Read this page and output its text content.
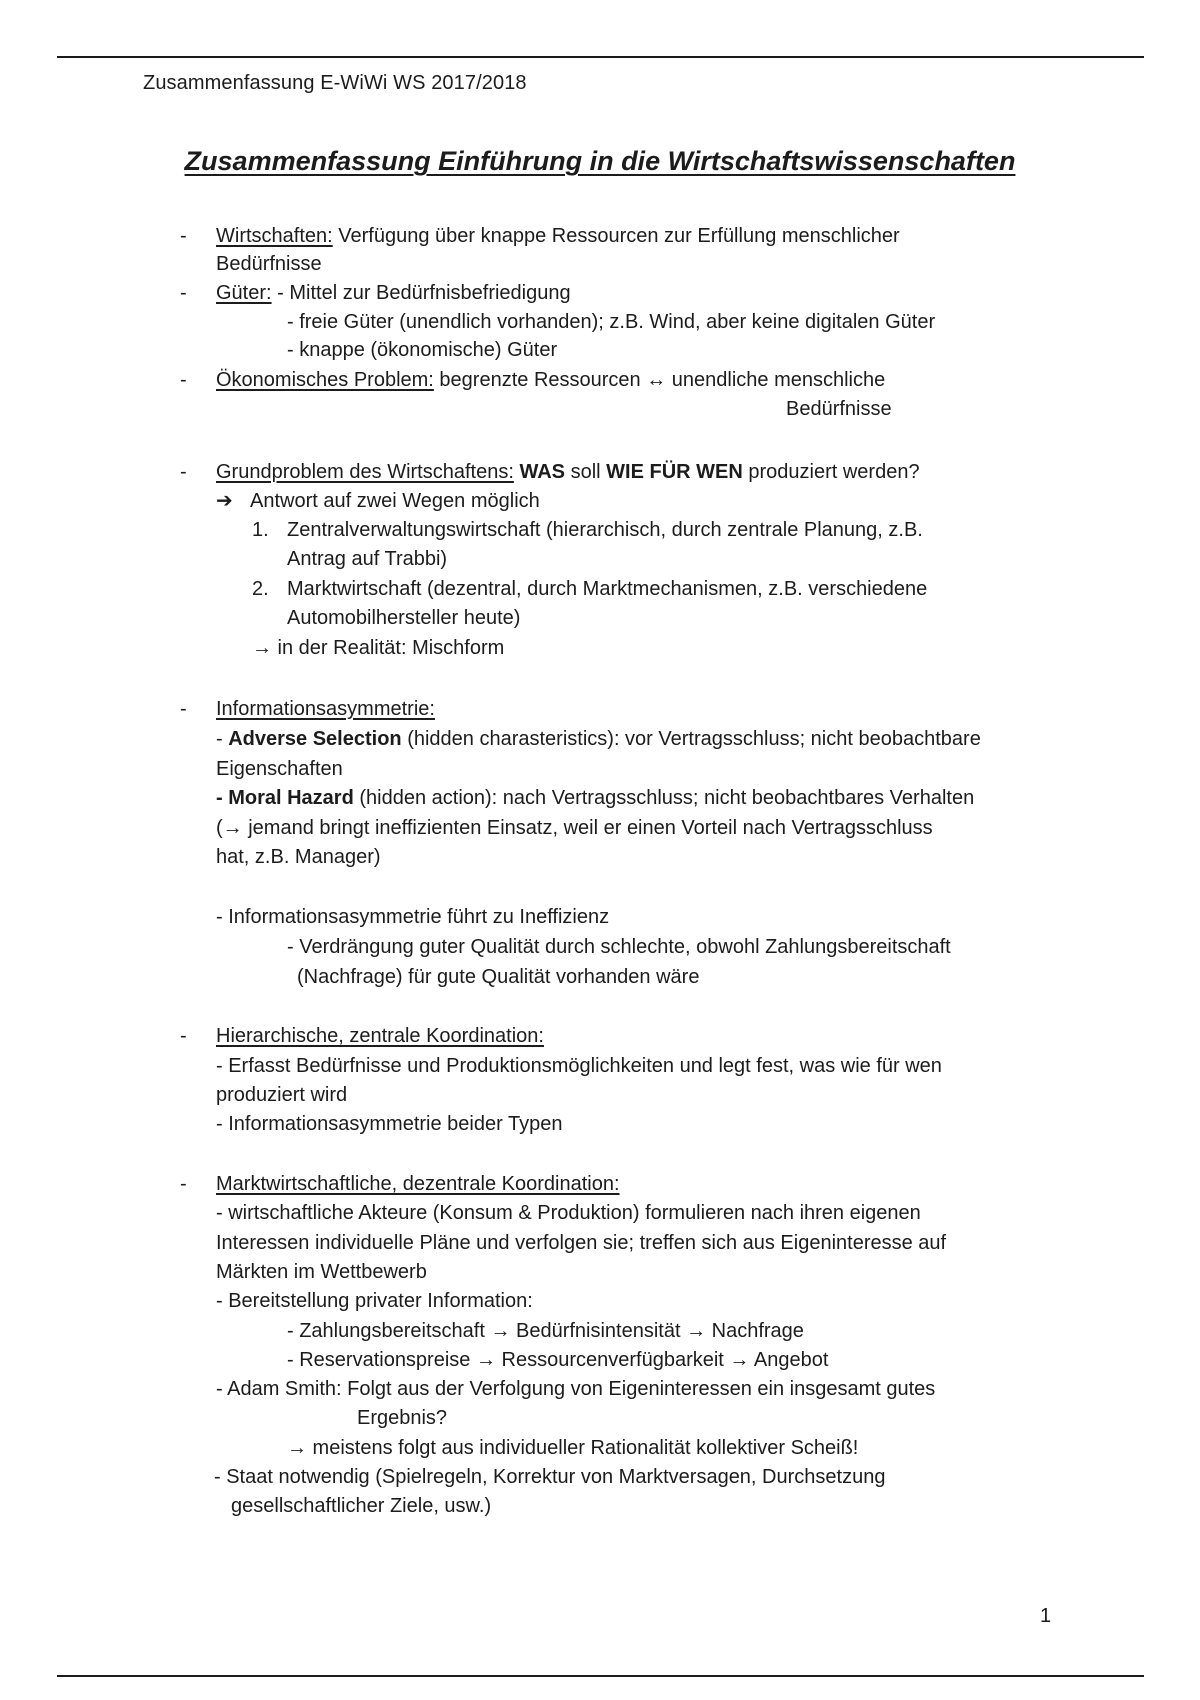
Zusammenfassung E-WiWi WS 2017/2018
Zusammenfassung Einführung in die Wirtschaftswissenschaften
- Wirtschaften: Verfügung über knappe Ressourcen zur Erfüllung menschlicher
Bedürfnisse
- Güter: - Mittel zur Bedürfnisbefriedigung
- freie Güter (unendlich vorhanden); z.B. Wind, aber keine digitalen Güter
- knappe (ökonomische) Güter
- Ökonomisches Problem: begrenzte Ressourcen ↔ unendliche menschliche
Bedürfnisse
- Grundproblem des Wirtschaftens: WAS soll WIE FÜR WEN produziert werden?
➔ Antwort auf zwei Wegen möglich
1. Zentralverwaltungswirtschaft (hierarchisch, durch zentrale Planung, z.B.
Antrag auf Trabbi)
2. Marktwirtschaft (dezentral, durch Marktmechanismen, z.B. verschiedene
Automobilhersteller heute)
→ in der Realität: Mischform
- Informationsasymmetrie:
- Adverse Selection (hidden charasteristics): vor Vertragsschluss; nicht beobachtbare
Eigenschaften
- Moral Hazard (hidden action): nach Vertragsschluss; nicht beobachtbares Verhalten
(→ jemand bringt ineffizienten Einsatz, weil er einen Vorteil nach Vertragsschluss
hat, z.B. Manager)
- Informationsasymmetrie führt zu Ineffizienz
- Verdrängung guter Qualität durch schlechte, obwohl Zahlungsbereitschaft
(Nachfrage) für gute Qualität vorhanden wäre
- Hierarchische, zentrale Koordination:
- Erfasst Bedürfnisse und Produktionsmöglichkeiten und legt fest, was wie für wen
produziert wird
- Informationsasymmetrie beider Typen
- Marktwirtschaftliche, dezentrale Koordination:
- wirtschaftliche Akteure (Konsum & Produktion) formulieren nach ihren eigenen
Interessen individuelle Pläne und verfolgen sie; treffen sich aus Eigeninteresse auf
Märkten im Wettbewerb
- Bereitstellung privater Information:
- Zahlungsbereitschaft → Bedürfnisintensität → Nachfrage
- Reservationspreise → Ressourcenverfügbarkeit → Angebot
- Adam Smith: Folgt aus der Verfolgung von Eigeninteressen ein insgesamt gutes
Ergebnis?
→ meistens folgt aus individueller Rationalität kollektiver Scheiß!
- Staat notwendig (Spielregeln, Korrektur von Marktversagen, Durchsetzung
gesellschaftlicher Ziele, usw.)
1
